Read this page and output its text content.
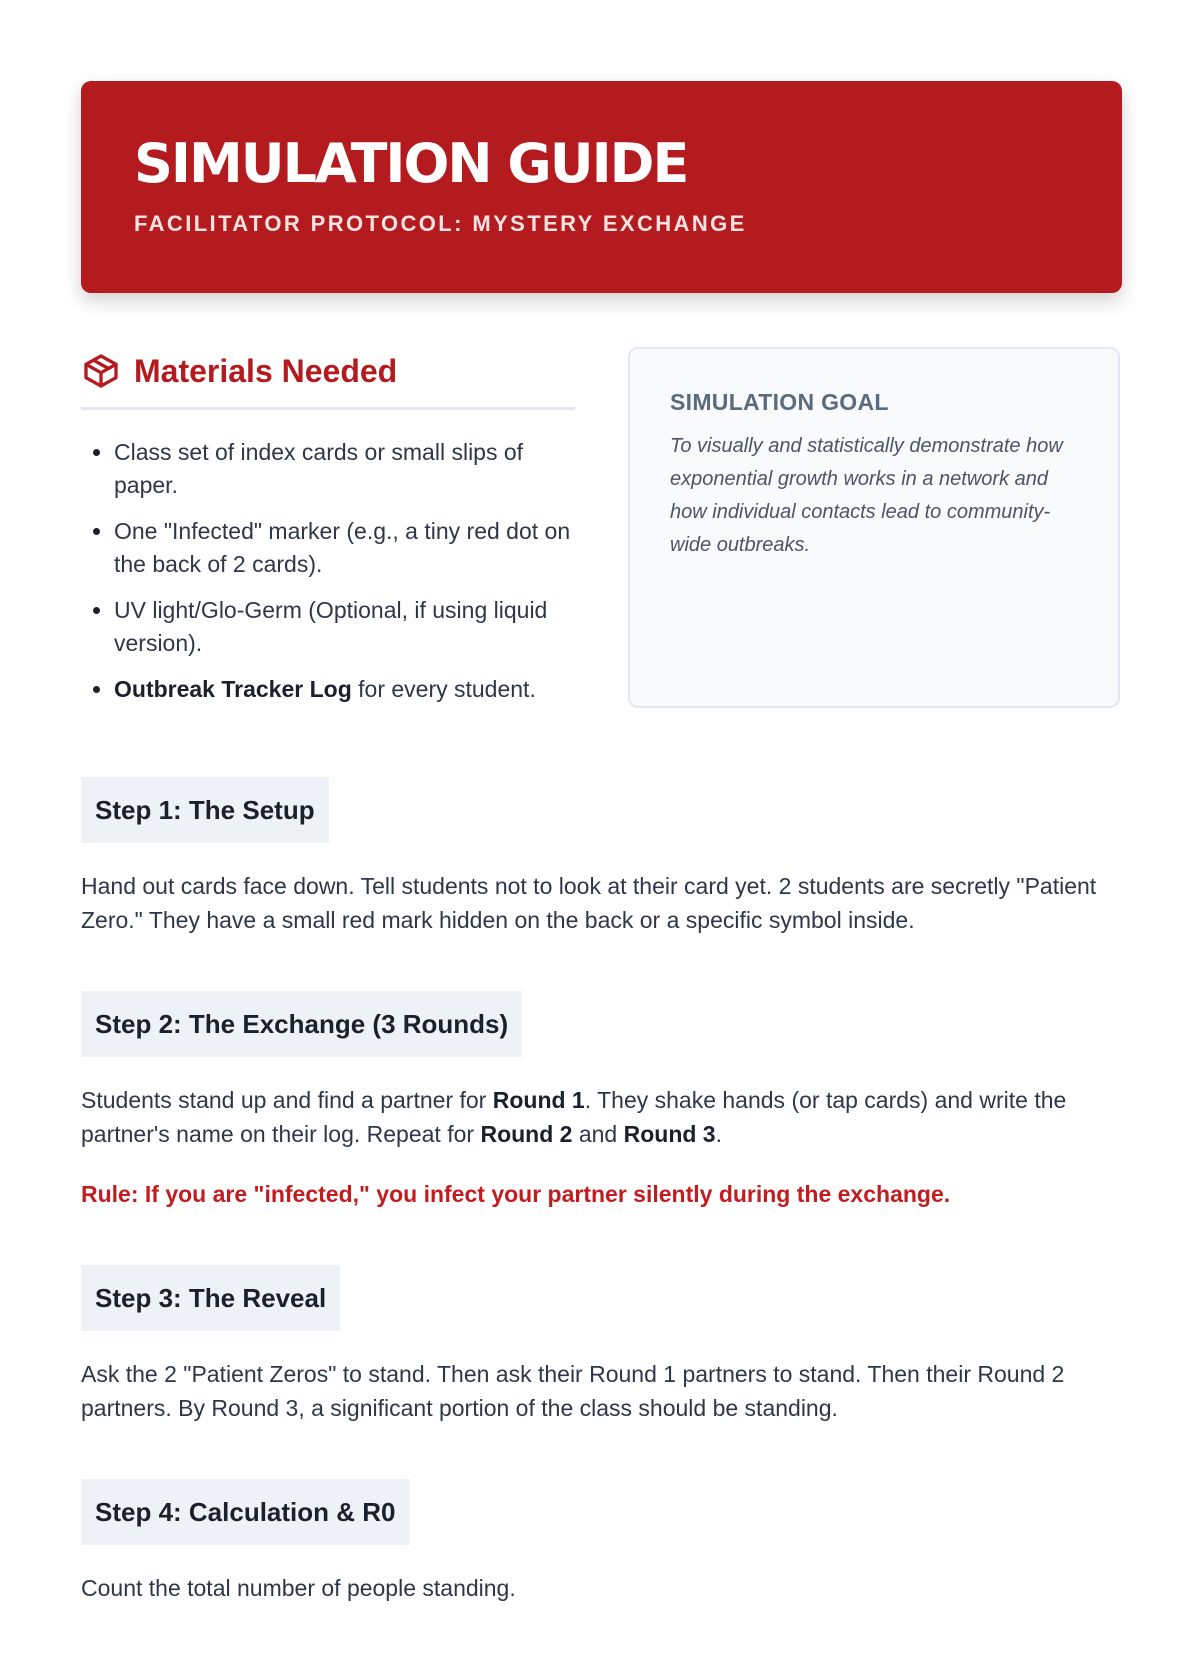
SIMULATION GUIDE
FACILITATOR PROTOCOL: MYSTERY EXCHANGE
Materials Needed
• Class set of index cards or small slips of paper.
• One "Infected" marker (e.g., a tiny red dot on the back of 2 cards).
• UV light/Glo-Germ (Optional, if using liquid version).
• Outbreak Tracker Log for every student.
SIMULATION GOAL

To visually and statistically demonstrate how exponential growth works in a network and how individual contacts lead to community-wide outbreaks.

Step 1: The Setup

Hand out cards face down. Tell students not to look at their card yet. 2 students are secretly "Patient Zero." They have a small red mark hidden on the back or a specific symbol inside.

Step 2: The Exchange (3 Rounds)

Students stand up and find a partner for Round 1. They shake hands (or tap cards) and write the partner's name on their log. Repeat for Round 2 and Round 3.

Rule: If you are "infected," you infect your partner silently during the exchange.

Step 3: The Reveal

Ask the 2 "Patient Zeros" to stand. Then ask their Round 1 partners to stand. Then their Round 2 partners. By Round 3, a significant portion of the class should be standing.

Step 4: Calculation & R0

Count the total number of people standing.
